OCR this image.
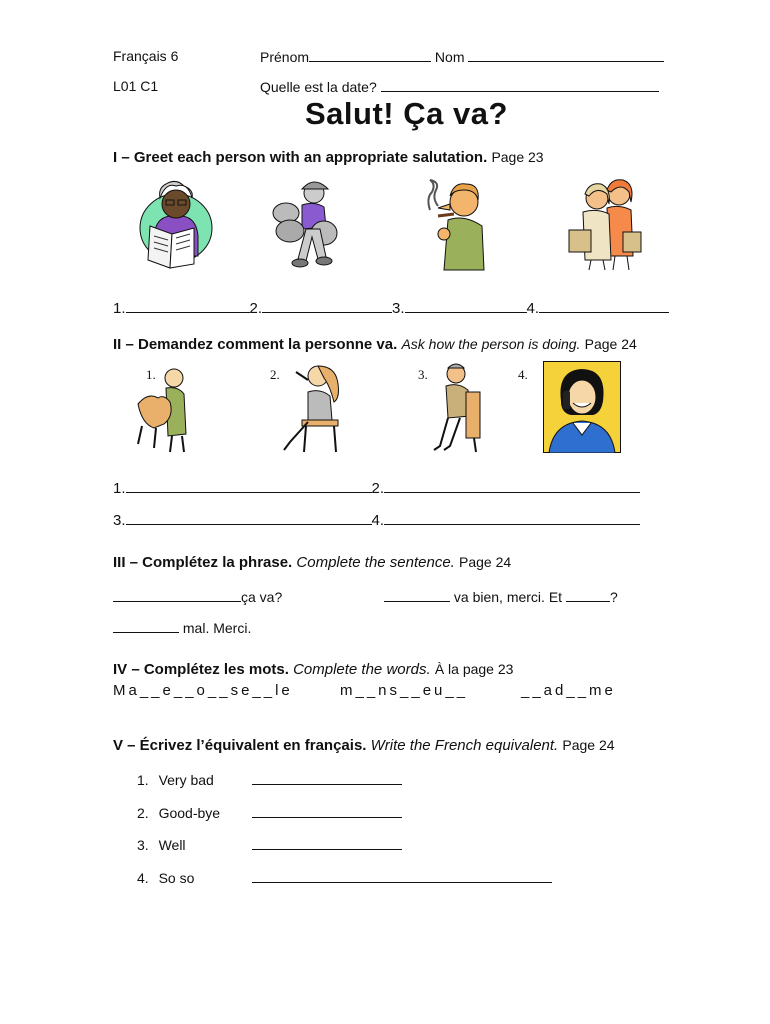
Français 6	Prénom	Nom
L01 C1	Quelle est la date?
Salut! Ça va?
I – Greet each person with an appropriate salutation. Page 23
1.	2.	3.	4.
II – Demandez comment la personne va. Ask how the person is doing. Page 24
1.	2.	3.	4.
1.	2.
3.	4.
III – Complétez la phrase. Complete the sentence. Page 24
ça va?	va bien, merci. Et	?
mal. Merci.
IV – Complétez les mots. Complete the words. À la page 23
Ma__e__o__se__le	m__ns__eu__	__ad__me
V – Écrivez l’équivalent en français. Write the French equivalent. Page 24
1. Very bad
2. Good-bye
3. Well
4. So so
